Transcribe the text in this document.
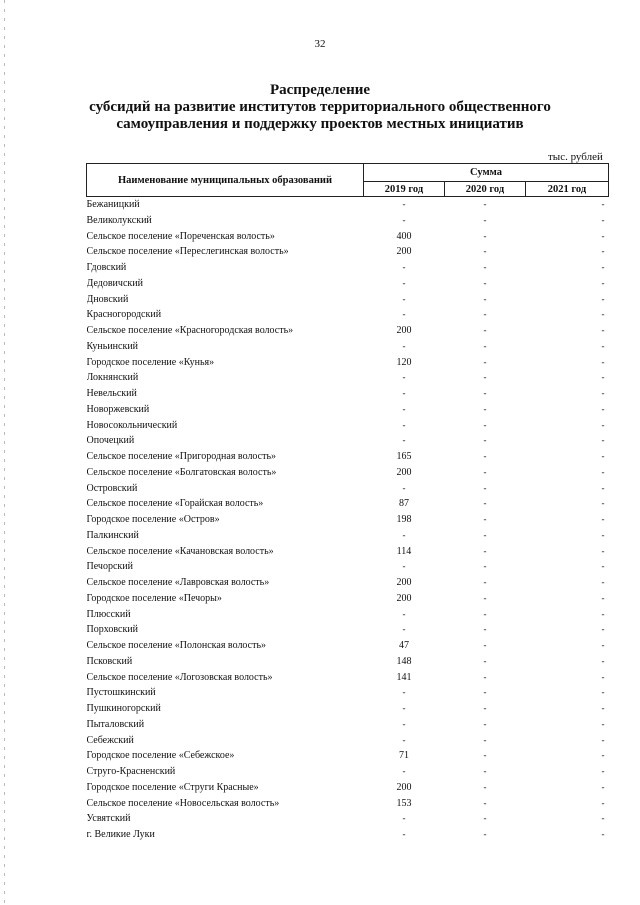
32
Распределение
субсидий на развитие институтов территориального общественного
самоуправления и поддержку проектов местных инициатив
тыс. рублей
Наименование муниципальных образований	Сумма		
	2019 год	2020 год	2021 год
Бежаницкий	-	-	-
Великолукский	-	-	-
Сельское поселение «Пореченская волость»	400	-	-
Сельское поселение «Переслегинская волость»	200	-	-
Гдовский	-	-	-
Дедовичский	-	-	-
Дновский	-	-	-
Красногородский	-	-	-
Сельское поселение «Красногородская волость»	200	-	-
Куньинский	-	-	-
Городское поселение «Кунья»	120	-	-
Локнянский	-	-	-
Невельский	-	-	-
Новоржевский	-	-	-
Новосокольнический	-	-	-
Опочецкий	-	-	-
Сельское поселение «Пригородная волость»	165	-	-
Сельское поселение «Болгатовская волость»	200	-	-
Островский	-	-	-
Сельское поселение «Горайская волость»	87	-	-
Городское поселение «Остров»	198	-	-
Палкинский	-	-	-
Сельское поселение «Качановская волость»	114	-	-
Печорский	-	-	-
Сельское поселение «Лавровская волость»	200	-	-
Городское поселение «Печоры»	200	-	-
Плюсский	-	-	-
Порховский	-	-	-
Сельское поселение «Полонская волость»	47	-	-
Псковский	148	-	-
Сельское поселение «Логозовская волость»	141	-	-
Пустошкинский	-	-	-
Пушкиногорский	-	-	-
Пыталовский	-	-	-
Себежский	-	-	-
Городское поселение «Себежское»	71	-	-
Струго-Красненский	-	-	-
Городское поселение «Струги Красные»	200	-	-
Сельское поселение «Новосельская волость»	153	-	-
Усвятский	-	-	-
г. Великие Луки	-	-	-
